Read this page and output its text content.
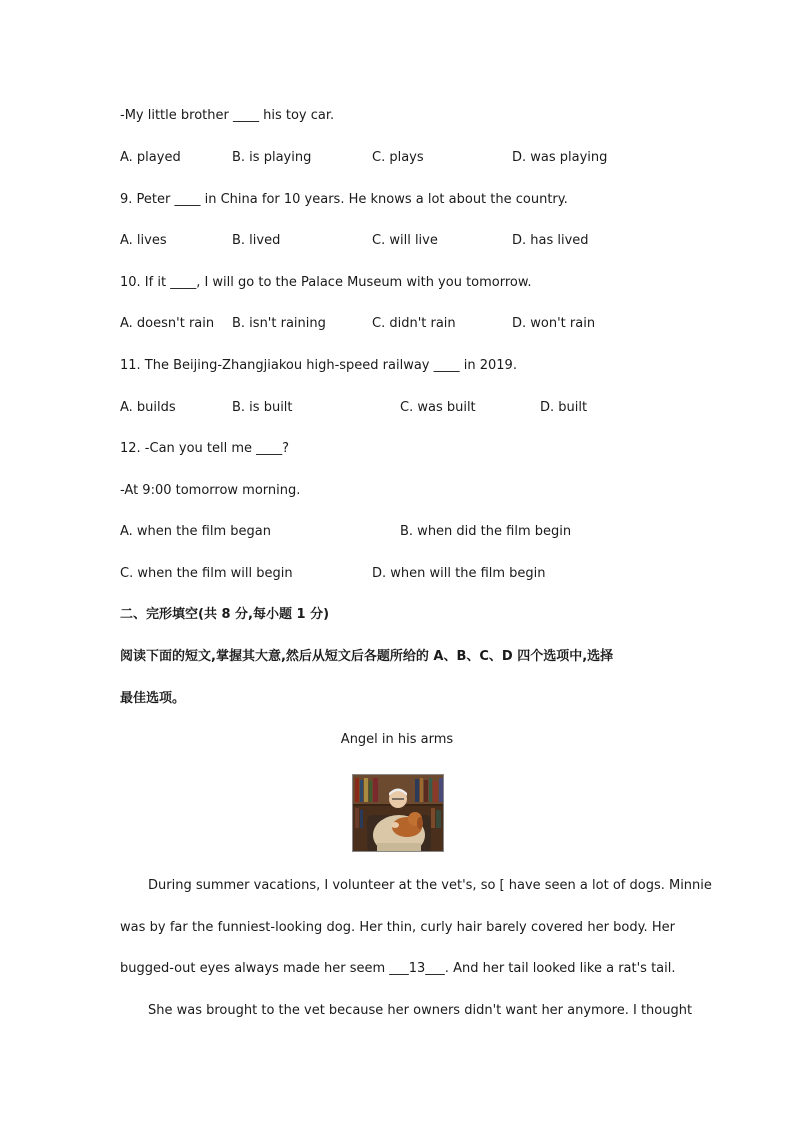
-My little brother ____ his toy car.
A. played	B. is playing	C. plays	D. was playing
9. Peter ____ in China for 10 years. He knows a lot about the country.
A. lives	B. lived	C. will live	D. has lived
10. If it ____, I will go to the Palace Museum with you tomorrow.
A. doesn't rain B. isn't raining	C. didn't rain	D. won't rain
11. The Beijing-Zhangjiakou high-speed railway ____ in 2019.
A. builds	B. is built	C. was built	D. built
12. -Can you tell me ____?
-At 9:00 tomorrow morning.
A. when the film began	B. when did the film begin
C. when the film will begin	D. when will the film begin
二、完形填空(共 8 分,每小题 1 分)
阅读下面的短文,掌握其大意,然后从短文后各题所给的 A、B、C、D 四个选项中,选择
最佳选项。
Angel in his arms
During summer vacations, I volunteer at the vet's, so [ have seen a lot of dogs. Minnie
was by far the funniest-looking dog. Her thin, curly hair barely covered her body. Her
bugged-out eyes always made her seem ___13___. And her tail looked like a rat's tail.
She was brought to the vet because her owners didn't want her anymore. I thought
